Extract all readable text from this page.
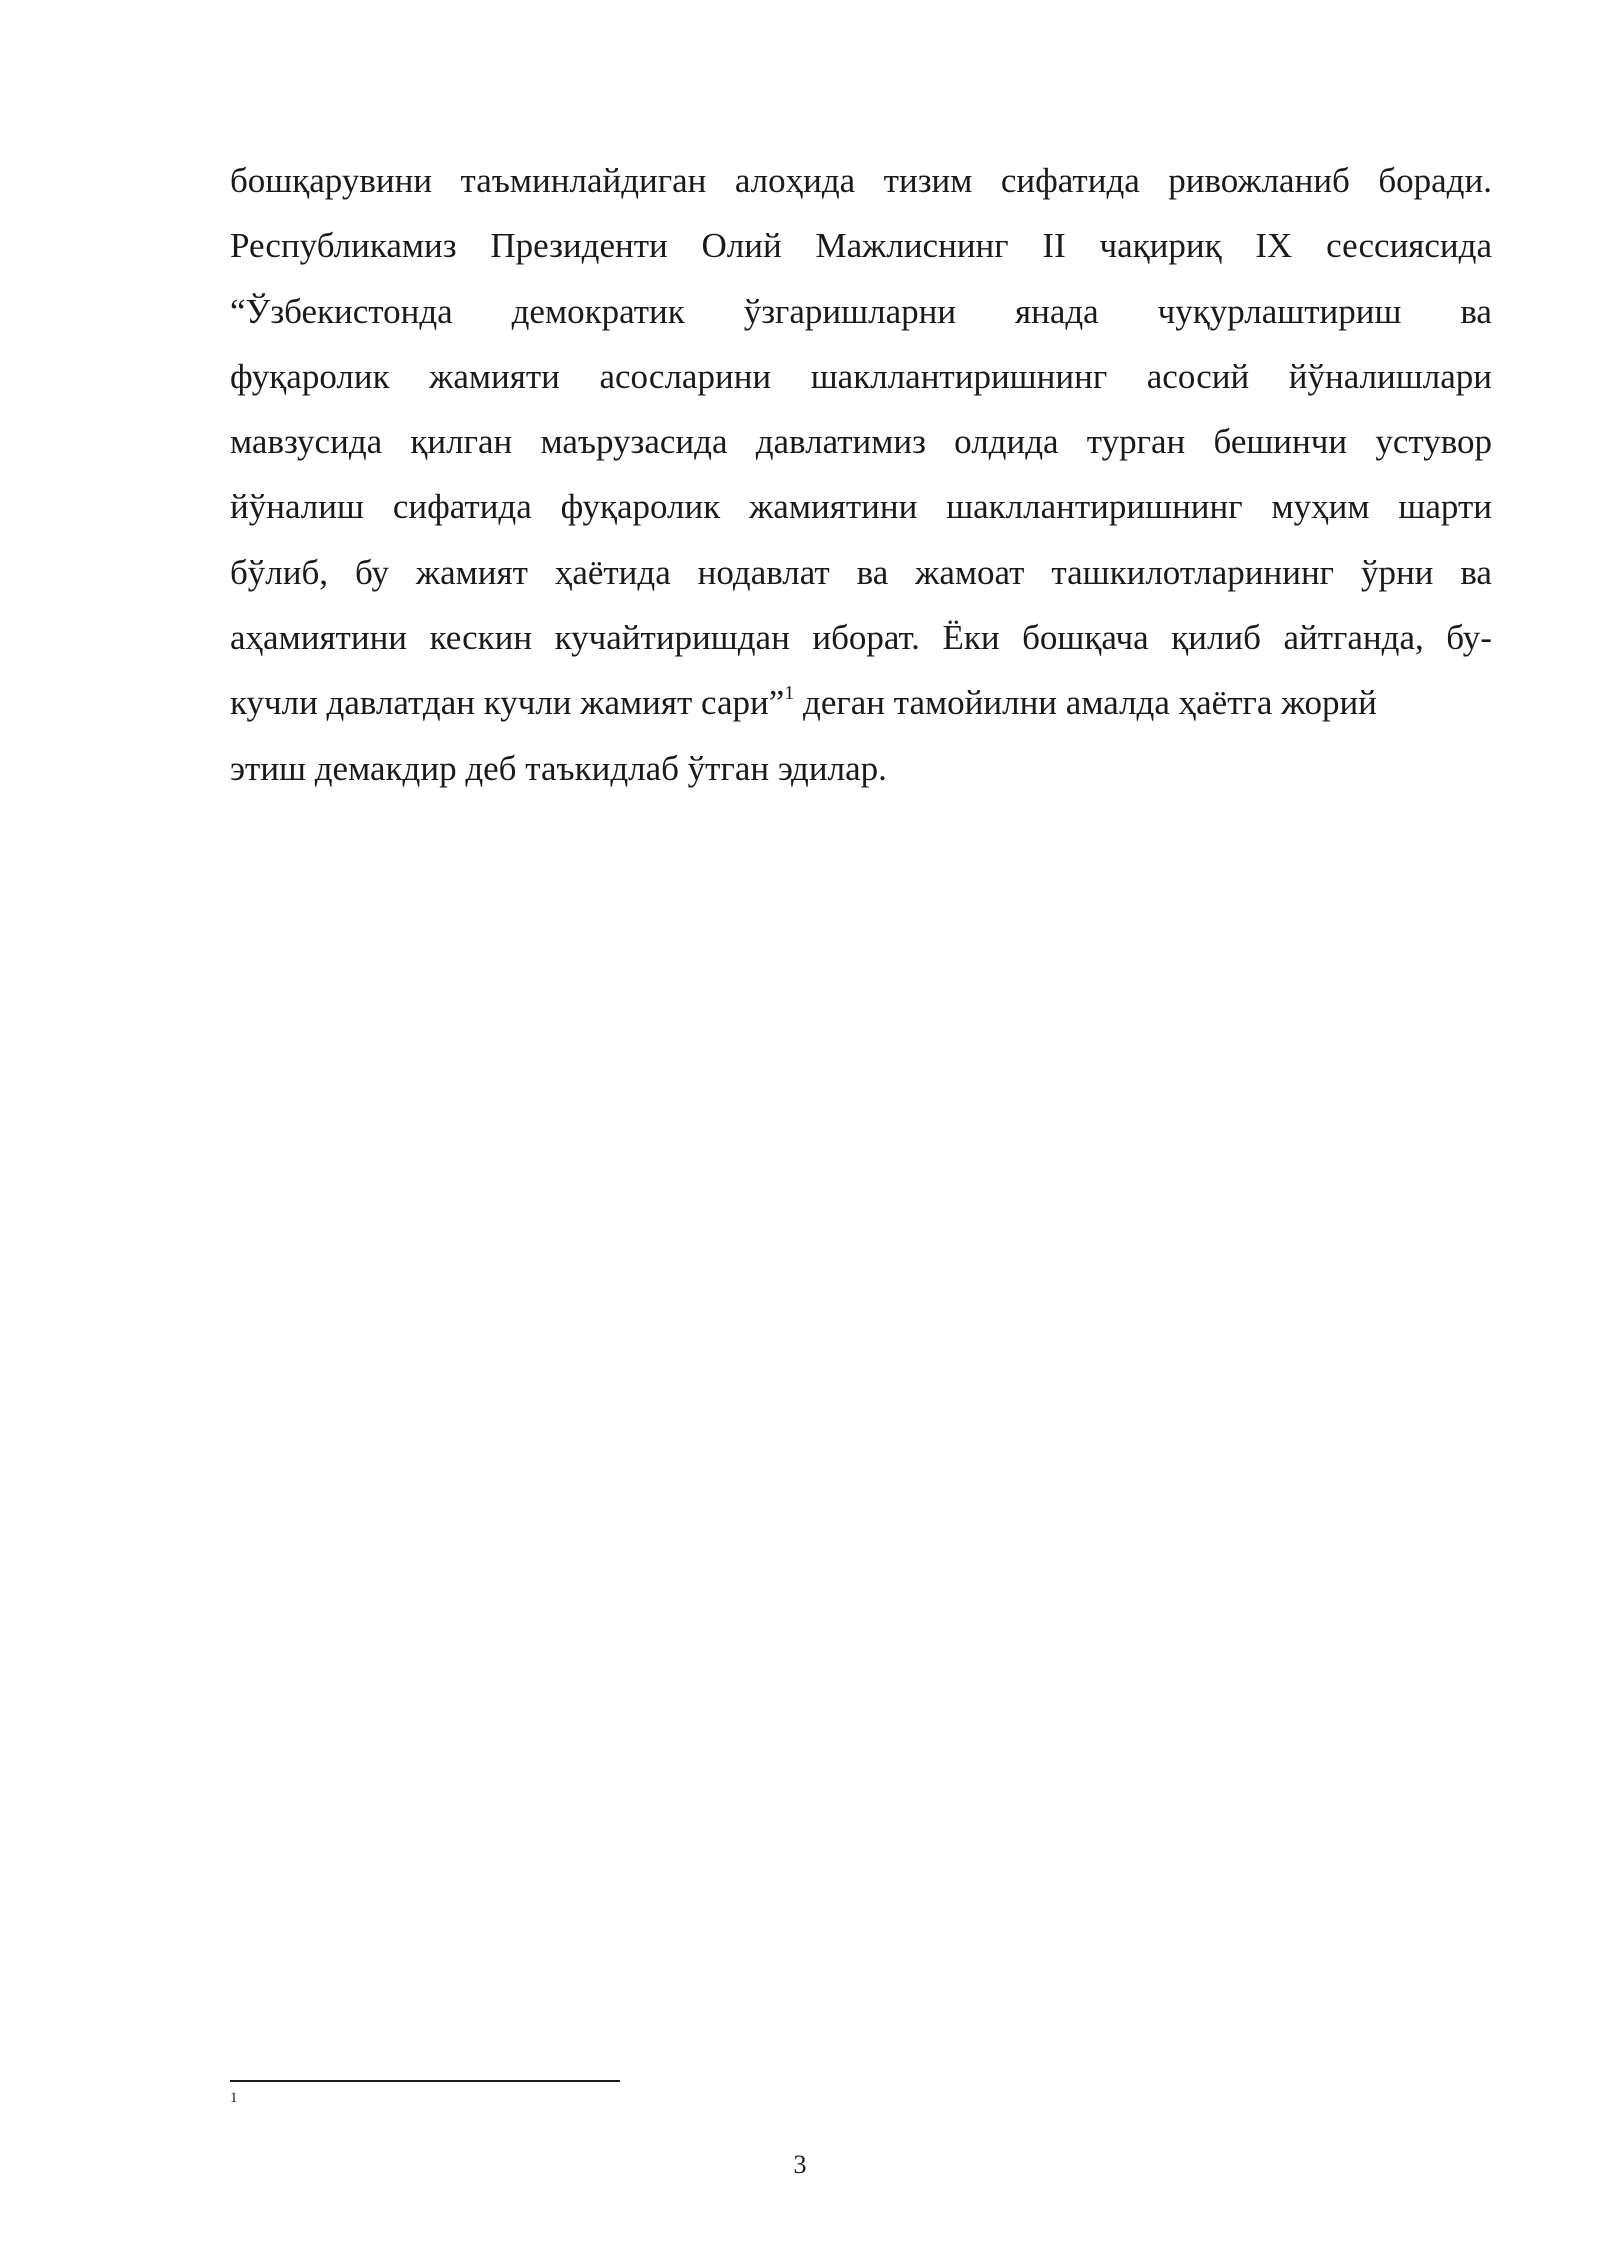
бошқарувини таъминлайдиган алоҳида тизим сифатида ривожланиб боради.
Республикамиз Президенти Олий Мажлиснинг II чақириқ IX сессиясида
“Ўзбекистонда демократик ўзгаришларни янада чуқурлаштириш ва
фуқаролик жамияти асосларини шакллантиришнинг асосий йўналишлари
мавзусида қилган маърузасида давлатимиз олдида турган бешинчи устувор
йўналиш сифатида фуқаролик жамиятини шакллантиришнинг муҳим шарти
бўлиб, бу жамият ҳаётида нодавлат ва жамоат ташкилотларининг ўрни ва
аҳамиятини кескин кучайтиришдан иборат. Ёки бошқача қилиб айтганда, бу-
кучли давлатдан кучли жамият сари”$^1$ деган тамойилни амалда ҳаётга жорий
этиш демакдир деб таъкидлаб ўтган эдилар.
1
3
